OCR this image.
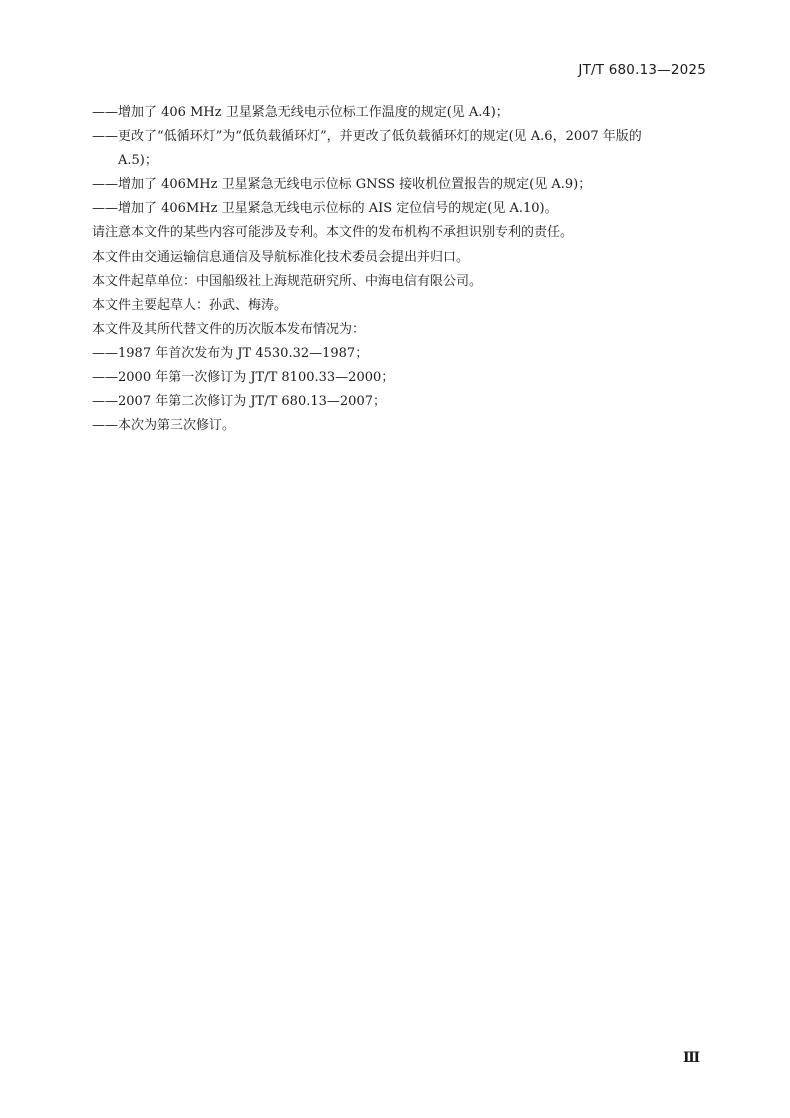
JT/T 680.13—2025
——增加了 406 MHz 卫星紧急无线电示位标工作温度的规定(见 A.4)；
——更改了“低循环灯”为“低负载循环灯”，并更改了低负载循环灯的规定(见 A.6，2007 年版的
A.5)；
——增加了 406MHz 卫星紧急无线电示位标 GNSS 接收机位置报告的规定(见 A.9)；
——增加了 406MHz 卫星紧急无线电示位标的 AIS 定位信号的规定(见 A.10)。
请注意本文件的某些内容可能涉及专利。本文件的发布机构不承担识别专利的责任。
本文件由交通运输信息通信及导航标准化技术委员会提出并归口。
本文件起草单位：中国船级社上海规范研究所、中海电信有限公司。
本文件主要起草人：孙武、梅涛。
本文件及其所代替文件的历次版本发布情况为：
——1987 年首次发布为 JT 4530.32—1987；
——2000 年第一次修订为 JT/T 8100.33—2000；
——2007 年第二次修订为 JT/T 680.13—2007；
——本次为第三次修订。
Ⅲ
